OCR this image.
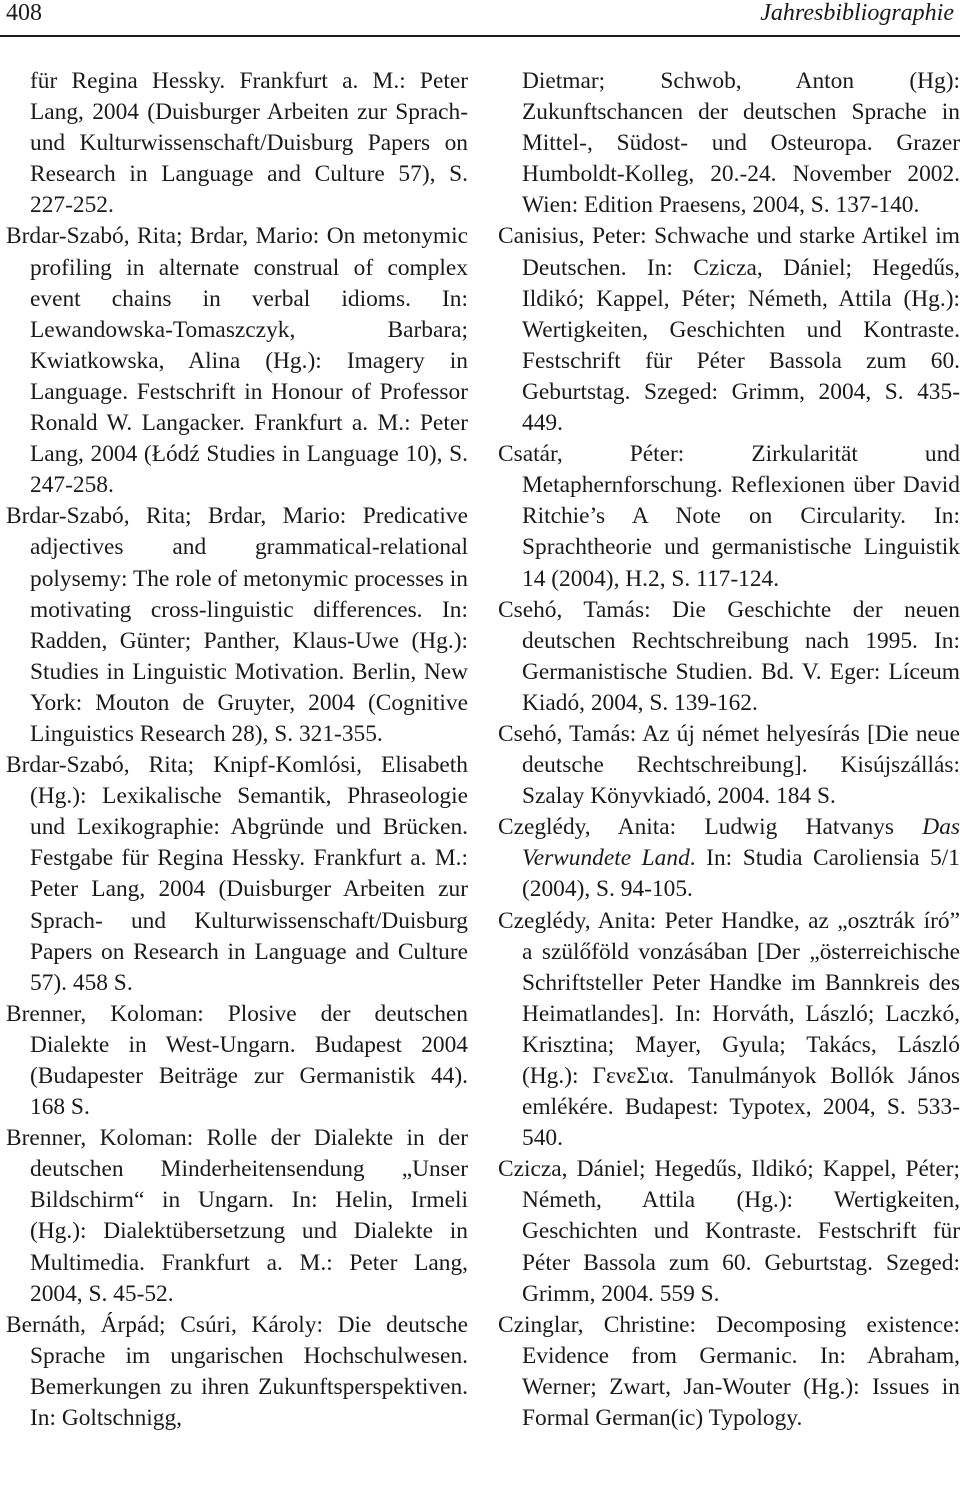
408	Jahresbibliographie

für Regina Hessky. Frankfurt a. M.: Peter Lang, 2004 (Duisburger Arbeiten zur Sprach- und Kulturwissenschaft/Duisburg Papers on Research in Language and Culture 57), S. 227-252.

Brdar-Szabó, Rita; Brdar, Mario: On metonymic profiling in alternate construal of complex event chains in verbal idioms. In: Lewandowska-Tomaszczyk, Barbara; Kwiatkowska, Alina (Hg.): Imagery in Language. Festschrift in Honour of Professor Ronald W. Langacker. Frankfurt a. M.: Peter Lang, 2004 (Łódź Studies in Language 10), S. 247-258.

Brdar-Szabó, Rita; Brdar, Mario: Predicative adjectives and grammatical-relational polysemy: The role of metonymic processes in motivating cross-linguistic differences. In: Radden, Günter; Panther, Klaus-Uwe (Hg.): Studies in Linguistic Motivation. Berlin, New York: Mouton de Gruyter, 2004 (Cognitive Linguistics Research 28), S. 321-355.

Brdar-Szabó, Rita; Knipf-Komlósi, Elisabeth (Hg.): Lexikalische Semantik, Phraseologie und Lexikographie: Abgründe und Brücken. Festgabe für Regina Hessky. Frankfurt a. M.: Peter Lang, 2004 (Duisburger Arbeiten zur Sprach- und Kulturwissenschaft/Duisburg Papers on Research in Language and Culture 57). 458 S.

Brenner, Koloman: Plosive der deutschen Dialekte in West-Ungarn. Budapest 2004 (Budapester Beiträge zur Germanistik 44). 168 S.

Brenner, Koloman: Rolle der Dialekte in der deutschen Minderheitensendung „Unser Bildschirm“ in Ungarn. In: Helin, Irmeli (Hg.): Dialektübersetzung und Dialekte in Multimedia. Frankfurt a. M.: Peter Lang, 2004, S. 45-52.

Bernáth, Árpád; Csúri, Károly: Die deutsche Sprache im ungarischen Hochschulwesen. Bemerkungen zu ihren Zukunftsperspektiven. In: Goltschnigg,

Dietmar; Schwob, Anton (Hg): Zukunftschancen der deutschen Sprache in Mittel-, Südost- und Osteuropa. Grazer Humboldt-Kolleg, 20.-24. November 2002. Wien: Edition Praesens, 2004, S. 137-140.

Canisius, Peter: Schwache und starke Artikel im Deutschen. In: Czicza, Dániel; Hegedűs, Ildikó; Kappel, Péter; Németh, Attila (Hg.): Wertigkeiten, Geschichten und Kontraste. Festschrift für Péter Bassola zum 60. Geburtstag. Szeged: Grimm, 2004, S. 435-449.

Csatár, Péter: Zirkularität und Metaphernforschung. Reflexionen über David Ritchie’s A Note on Circularity. In: Sprachtheorie und germanistische Linguistik 14 (2004), H.2, S. 117-124.

Csehó, Tamás: Die Geschichte der neuen deutschen Rechtschreibung nach 1995. In: Germanistische Studien. Bd. V. Eger: Líceum Kiadó, 2004, S. 139-162.

Csehó, Tamás: Az új német helyesírás [Die neue deutsche Rechtschreibung]. Kisújszállás: Szalay Könyvkiadó, 2004. 184 S.

Czeglédy, Anita: Ludwig Hatvanys Das Verwundete Land. In: Studia Caroliensia 5/1 (2004), S. 94-105.

Czeglédy, Anita: Peter Handke, az „osztrák író” a szülőföld vonzásában [Der „österreichische Schriftsteller Peter Handke im Bannkreis des Heimatlandes]. In: Horváth, László; Laczkó, Krisztina; Mayer, Gyula; Takács, László (Hg.): ΓενεΣια. Tanulmányok Bollók János emlékére. Budapest: Typotex, 2004, S. 533-540.

Czicza, Dániel; Hegedűs, Ildikó; Kappel, Péter; Németh, Attila (Hg.): Wertigkeiten, Geschichten und Kontraste. Festschrift für Péter Bassola zum 60. Geburtstag. Szeged: Grimm, 2004. 559 S.

Czinglar, Christine: Decomposing existence: Evidence from Germanic. In: Abraham, Werner; Zwart, Jan-Wouter (Hg.): Issues in Formal German(ic) Typology.
